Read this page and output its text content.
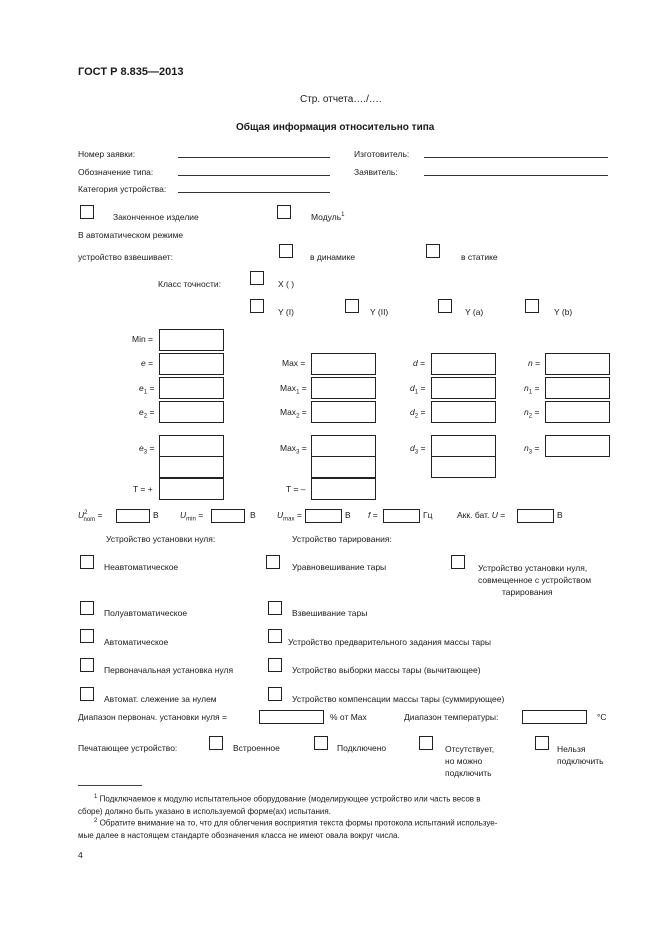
ГОСТ Р 8.835—2013
Стр. отчета…./….
Общая информация относительно типа
Номер заявки:	Изготовитель:
Обозначение типа:	Заявитель:
Категория устройства:
Законченное изделие	Модуль$^1$
В автоматическом режиме
устройство взвешивает:	в динамике	в статике
Класс точности:	X ( )
Y (I)	Y (II)	Y (a)	Y (b)
Min =
e =	Max =	d =	n =
$e_1$ =	Max$_1$ =	$d_1$ =	$n_1$ =
$e_2$ =	Max$_2$ =	$d_2$ =	$n_2$ =
$e_3$ =	Max$_3$ =	$d_3$ =	$n_3$ =
T = +	T = –
$U^2_{nom}$ =	В	$U_{min}$ =	В	$U_{max}$ =	В f =	Гц	Акк. бат. U =	В
Устройство установки нуля:	Устройство тарирования:
Неавтоматическое	Уравновешивание тары	Устройство установки нуля,
совмещенное с устройством
тарирования
Полуавтоматическое	Взвешивание тары
Автоматическое	Устройство предварительного задания массы тары
Первоначальная установка нуля	Устройство выборки массы тары (вычитающее)
Автомат. слежение за нулем	Устройство компенсации массы тары (суммирующее)
Диапазон первонач. установки нуля =	% от Max	Диапазон температуры:	°С
Печатающее устройство:	Встроенное	Подключено	Отсутствует,
но можно
подключить
Нельзя
подключить
$^1$ Подключаемое к модулю испытательное оборудование (моделирующее устройство или часть весов в
сборе) должно быть указано в используемой форме(ах) испытания.
$^2$ Обратите внимание на то, что для облегчения восприятия текста формы протокола испытаний используе-
мые далее в настоящем стандарте обозначения класса не имеют овала вокруг числа.
4
